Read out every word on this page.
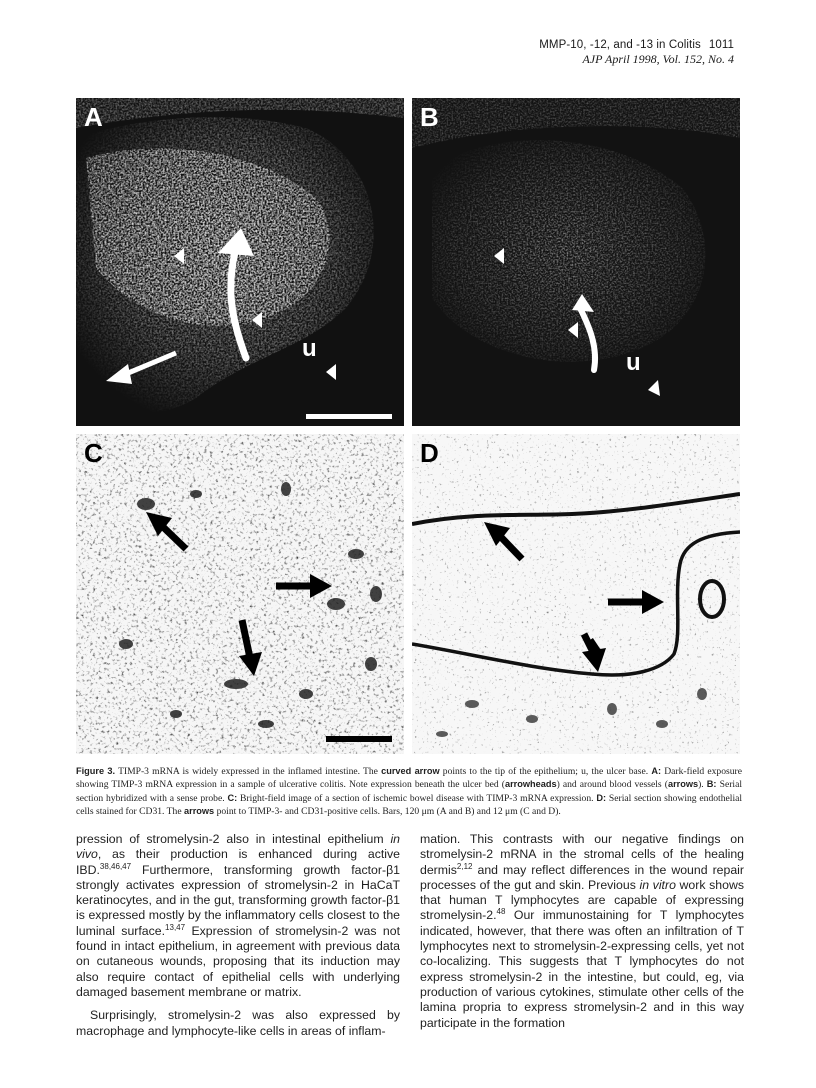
MMP-10, -12, and -13 in Colitis 1011
AJP April 1998, Vol. 152, No. 4
u
A
u
B
C	D
Figure 3. TIMP-3 mRNA is widely expressed in the inflamed intestine. The curved arrow points to the tip of the epithelium; u, the ulcer base. A: Dark-field exposure showing TIMP-3 mRNA expression in a sample of ulcerative colitis. Note expression beneath the ulcer bed (arrowheads) and around blood vessels (arrows). B: Serial section hybridized with a sense probe. C: Bright-field image of a section of ischemic bowel disease with TIMP-3 mRNA expression. D: Serial section showing endothelial cells stained for CD31. The arrows point to TIMP-3- and CD31-positive cells. Bars, 120 μm (A and B) and 12 μm (C and D).

pression of stromelysin-2 also in intestinal epithelium in vivo, as their production is enhanced during active IBD.$^{38,46,47}$ Furthermore, transforming growth factor-β1 strongly activates expression of stromelysin-2 in HaCaT keratinocytes, and in the gut, transforming growth factor-β1 is expressed mostly by the inflammatory cells closest to the luminal surface.$^{13,47}$ Expression of stromelysin-2 was not found in intact epithelium, in agreement with previous data on cutaneous wounds, proposing that its induction may also require contact of epithelial cells with underlying damaged basement membrane or matrix.

Surprisingly, stromelysin-2 was also expressed by macrophage and lymphocyte-like cells in areas of inflam-

mation. This contrasts with our negative findings on stromelysin-2 mRNA in the stromal cells of the healing dermis$^{2,12}$ and may reflect differences in the wound repair processes of the gut and skin. Previous in vitro work shows that human T lymphocytes are capable of expressing stromelysin-2.48 Our immunostaining for T lymphocytes indicated, however, that there was often an infiltration of T lymphocytes next to stromelysin-2-expressing cells, yet not co-localizing. This suggests that T lymphocytes do not express stromelysin-2 in the intestine, but could, eg, via production of various cytokines, stimulate other cells of the lamina propria to express stromelysin-2 and in this way participate in the formation
